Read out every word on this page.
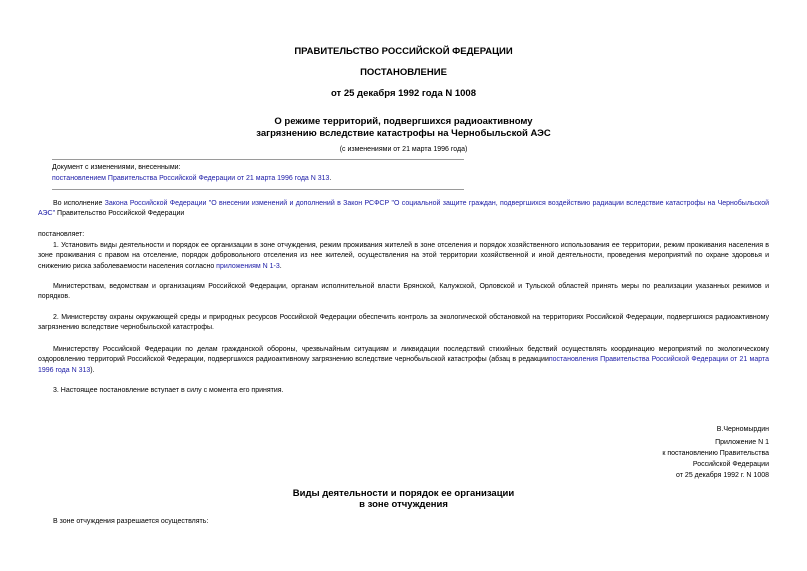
ПРАВИТЕЛЬСТВО РОССИЙСКОЙ ФЕДЕРАЦИИ

ПОСТАНОВЛЕНИЕ

от 25 декабря 1992 года N 1008

О режиме территорий, подвергшихся радиоактивному

загрязнению вследствие катастрофы на Чернобыльской АЭС

(с изменениями от 21 марта 1996 года)

Документ с изменениями, внесенными:

постановлением Правительства Российской Федерации от 21 марта 1996 года N 313.

Во исполнение Закона Российской Федерации "О внесении изменений и дополнений в Закон РСФСР "О социальной защите граждан, подвергшихся воздействию радиации вследствие катастрофы на Чернобыльской АЭС" Правительство Российской Федерации

постановляет:

1. Установить виды деятельности и порядок ее организации в зоне отчуждения, режим проживания жителей в зоне отселения и порядок хозяйственного использования ее территории, режим проживания населения в зоне проживания с правом на отселение, порядок добровольного отселения из нее жителей, осуществления на этой территории хозяйственной и иной деятельности, проведения мероприятий по охране здоровья и снижению риска заболеваемости населения согласно приложениям N 1-3.

Министерствам, ведомствам и организациям Российской Федерации, органам исполнительной власти Брянской, Калужской, Орловской и Тульской областей принять меры по реализации указанных режимов и порядков.

2. Министерству охраны окружающей среды и природных ресурсов Российской Федерации обеспечить контроль за экологической обстановкой на территориях Российской Федерации, подвергшихся радиоактивному загрязнению вследствие чернобыльской катастрофы.

Министерству Российской Федерации по делам гражданской обороны, чрезвычайным ситуациям и ликвидации последствий стихийных бедствий осуществлять координацию мероприятий по экологическому оздоровлению территорий Российской Федерации, подвергшихся радиоактивному загрязнению вследствие чернобыльской катастрофы (абзац в редакциипостановления Правительства Российской Федерации от 21 марта 1996 года N 313).

3. Настоящее постановление вступает в силу с момента его принятия.

В.Черномырдин

Приложение N 1

к постановлению Правительства

Российской Федерации

от 25 декабря 1992 г. N 1008

Виды деятельности и порядок ее организации

в зоне отчуждения

В зоне отчуждения разрешается осуществлять:
